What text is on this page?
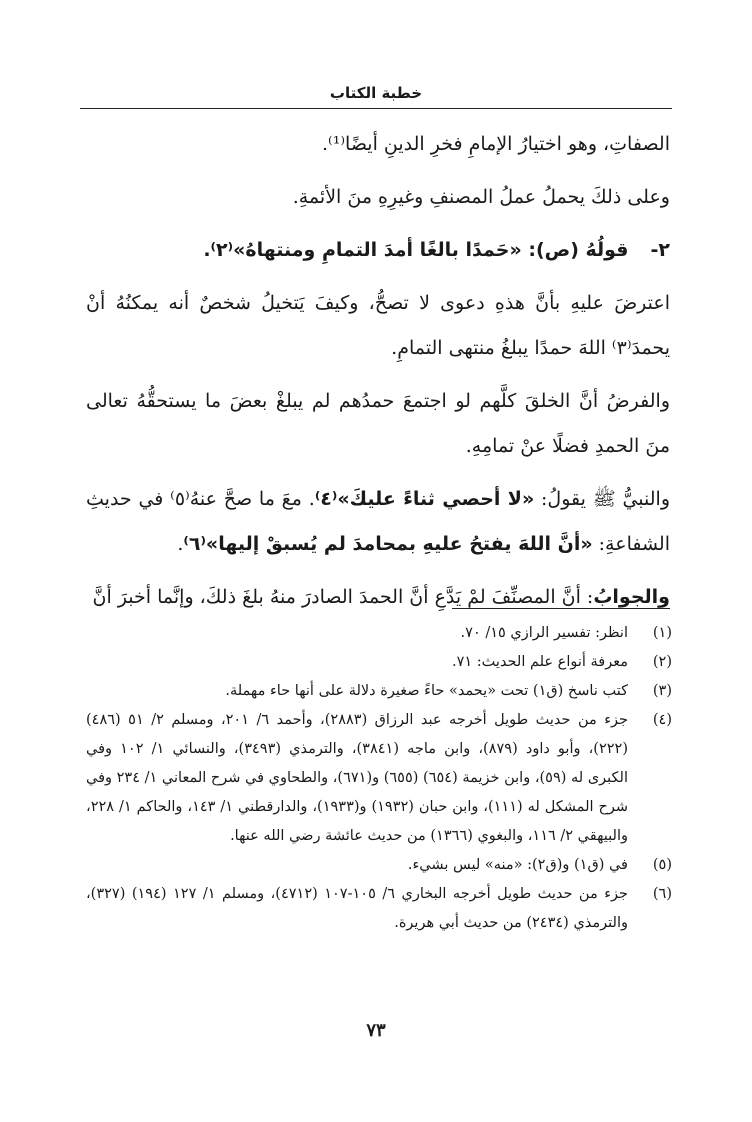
خطبة الكتاب

الصفاتِ، وهو اختيارُ الإمامِ فخرِ الدينِ أيضًا⁽¹⁾.

وعلى ذلكَ يحملُ عملُ المصنفِ وغيرِهِ منَ الأئمةِ.

٢-
قولُهُ (ص): «حَمدًا بالغًا أمدَ التمامِ ومنتهاهُ»⁽٢⁾.

اعترضَ عليهِ بأنَّ هذهِ دعوى لا تصحُّ، وكيفَ يَتخيلُ شخصٌ أنه يمكنُهُ أنْ يحمدَ⁽٣⁾ اللهَ حمدًا يبلغُ منتهى التمامِ.

والفرضُ أنَّ الخلقَ كلَّهم لو اجتمعَ حمدُهم لم يبلغْ بعضَ ما يستحقُّهُ تعالى منَ الحمدِ فضلًا عنْ تمامِهِ.

والنبيُّ ﷺ يقولُ: «لا أحصي ثناءً عليكَ»⁽٤⁾. معَ ما صحَّ عنهُ⁽٥⁾ في حديثِ الشفاعةِ: «أنَّ اللهَ يفتحُ عليهِ بمحامدَ لم يُسبقْ إليها»⁽٦⁾.

والجوابُ: أنَّ المصنِّفَ لمْ يَدَّعِ أنَّ الحمدَ الصادرَ منهُ بلغَ ذلكَ، وإنَّما أخبرَ أنَّ

(١)
انظر: تفسير الرازي ١٥/ ٧٠.
(٢)
معرفة أنواع علم الحديث: ٧١.
(٣)
كتب ناسخ (ق١) تحت «يحمد» حاءً صغيرة دلالة على أنها حاء مهملة.
(٤)
جزء من حديث طويل أخرجه عبد الرزاق (٢٨٨٣)، وأحمد ٦/ ٢٠١، ومسلم ٢/ ٥١ (٤٨٦) (٢٢٢)، وأبو داود (٨٧٩)، وابن ماجه (٣٨٤١)، والترمذي (٣٤٩٣)، والنسائي ١/ ١٠٢ وفي الكبرى له (٥٩)، وابن خزيمة (٦٥٤) (٦٥٥) و(٦٧١)، والطحاوي في شرح المعاني ١/ ٢٣٤ وفي شرح المشكل له (١١١)، وابن حبان (١٩٣٢) و(١٩٣٣)، والدارقطني ١/ ١٤٣، والحاكم ١/ ٢٢٨، والبيهقي ٢/ ١١٦، والبغوي (١٣٦٦) من حديث عائشة رضي الله عنها.
(٥)
في (ق١) و(ق٢): «منه» ليس بشيء.
(٦)
جزء من حديث طويل أخرجه البخاري ٦/ ١٠٥-١٠٧ (٤٧١٢)، ومسلم ١/ ١٢٧ (١٩٤) (٣٢٧)، والترمذي (٢٤٣٤) من حديث أبي هريرة.
٧٣
